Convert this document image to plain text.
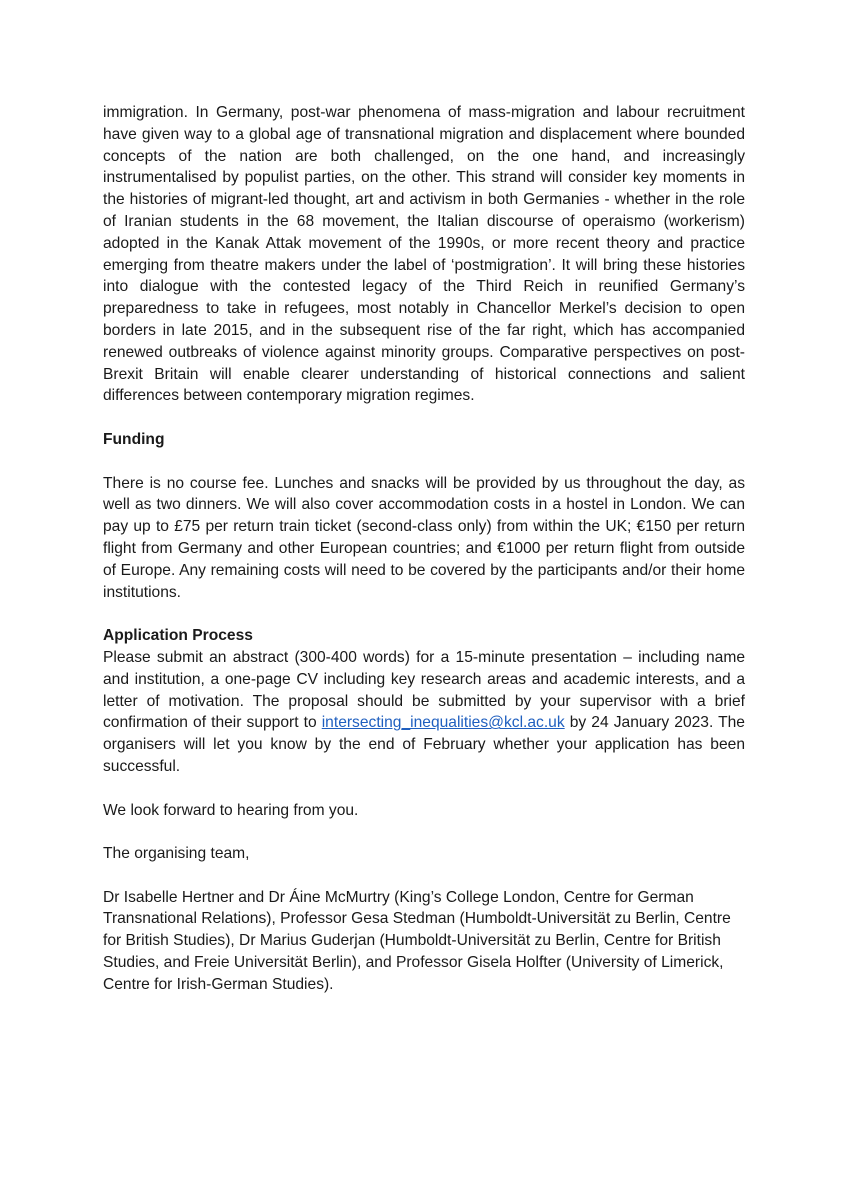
immigration. In Germany, post-war phenomena of mass-migration and labour recruitment have given way to a global age of transnational migration and displacement where bounded concepts of the nation are both challenged, on the one hand, and increasingly instrumentalised by populist parties, on the other. This strand will consider key moments in the histories of migrant-led thought, art and activism in both Germanies - whether in the role of Iranian students in the 68 movement, the Italian discourse of operaismo (workerism) adopted in the Kanak Attak movement of the 1990s, or more recent theory and practice emerging from theatre makers under the label of ‘postmigration’. It will bring these histories into dialogue with the contested legacy of the Third Reich in reunified Germany’s preparedness to take in refugees, most notably in Chancellor Merkel’s decision to open borders in late 2015, and in the subsequent rise of the far right, which has accompanied renewed outbreaks of violence against minority groups. Comparative perspectives on post-Brexit Britain will enable clearer understanding of historical connections and salient differences between contemporary migration regimes.

Funding

There is no course fee. Lunches and snacks will be provided by us throughout the day, as well as two dinners. We will also cover accommodation costs in a hostel in London. We can pay up to £75 per return train ticket (second-class only) from within the UK; €150 per return flight from Germany and other European countries; and €1000 per return flight from outside of Europe. Any remaining costs will need to be covered by the participants and/or their home institutions.

Application Process

Please submit an abstract (300-400 words) for a 15-minute presentation – including name and institution, a one-page CV including key research areas and academic interests, and a letter of motivation. The proposal should be submitted by your supervisor with a brief confirmation of their support to intersecting_inequalities@kcl.ac.uk by 24 January 2023. The organisers will let you know by the end of February whether your application has been successful.

We look forward to hearing from you.

The organising team,

Dr Isabelle Hertner and Dr Áine McMurtry (King’s College London, Centre for German Transnational Relations), Professor Gesa Stedman (Humboldt-Universität zu Berlin, Centre for British Studies), Dr Marius Guderjan (Humboldt-Universität zu Berlin, Centre for British Studies, and Freie Universität Berlin), and Professor Gisela Holfter (University of Limerick, Centre for Irish-German Studies).
